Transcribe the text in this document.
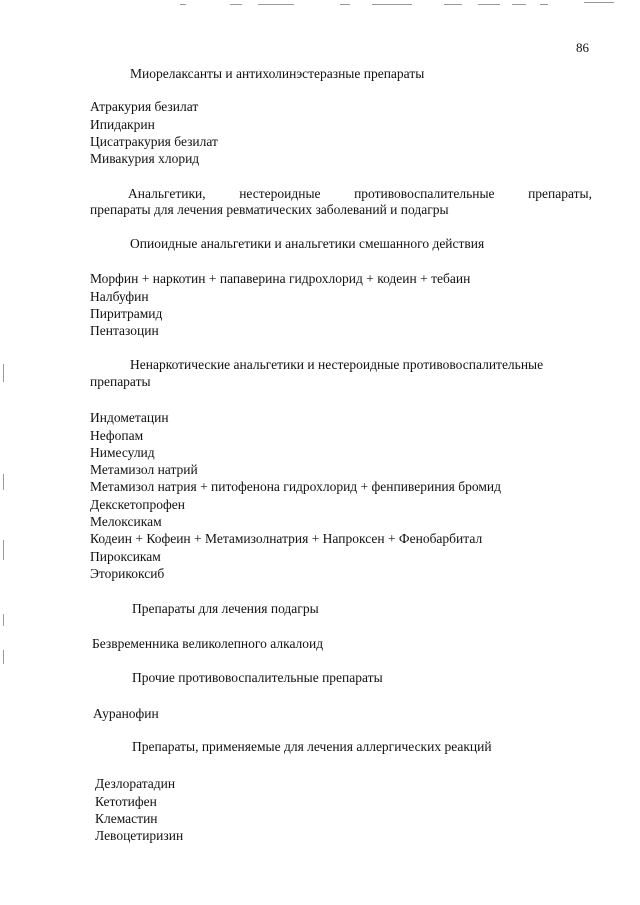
86
Миорелаксанты и антихолинэстеразные препараты
Атракурия безилат
Ипидакрин
Цисатракурия безилат
Мивакурия хлорид
Анальгетики, нестероидные противовоспалительные препараты,
препараты для лечения ревматических заболеваний и подагры
Опиоидные анальгетики и анальгетики смешанного действия
Морфин + наркотин + папаверина гидрохлорид + кодеин + тебаин
Налбуфин
Пиритрамид
Пентазоцин
Ненаркотические анальгетики и нестероидные противовоспалительные
препараты
Индометацин
Нефопам
Нимесулид
Метамизол натрий
Метамизол натрия + питофенона гидрохлорид + фенпивериния бромид
Декскетопрофен
Мелоксикам
Кодеин + Кофеин + Метамизолнатрия + Напроксен + Фенобарбитал
Пироксикам
Эторикоксиб
Препараты для лечения подагры
Безвременника великолепного алкалоид
Прочие противовоспалительные препараты
Ауранофин
Препараты, применяемые для лечения аллергических реакций
Дезлоратадин
Кетотифен
Клемастин
Левоцетиризин
